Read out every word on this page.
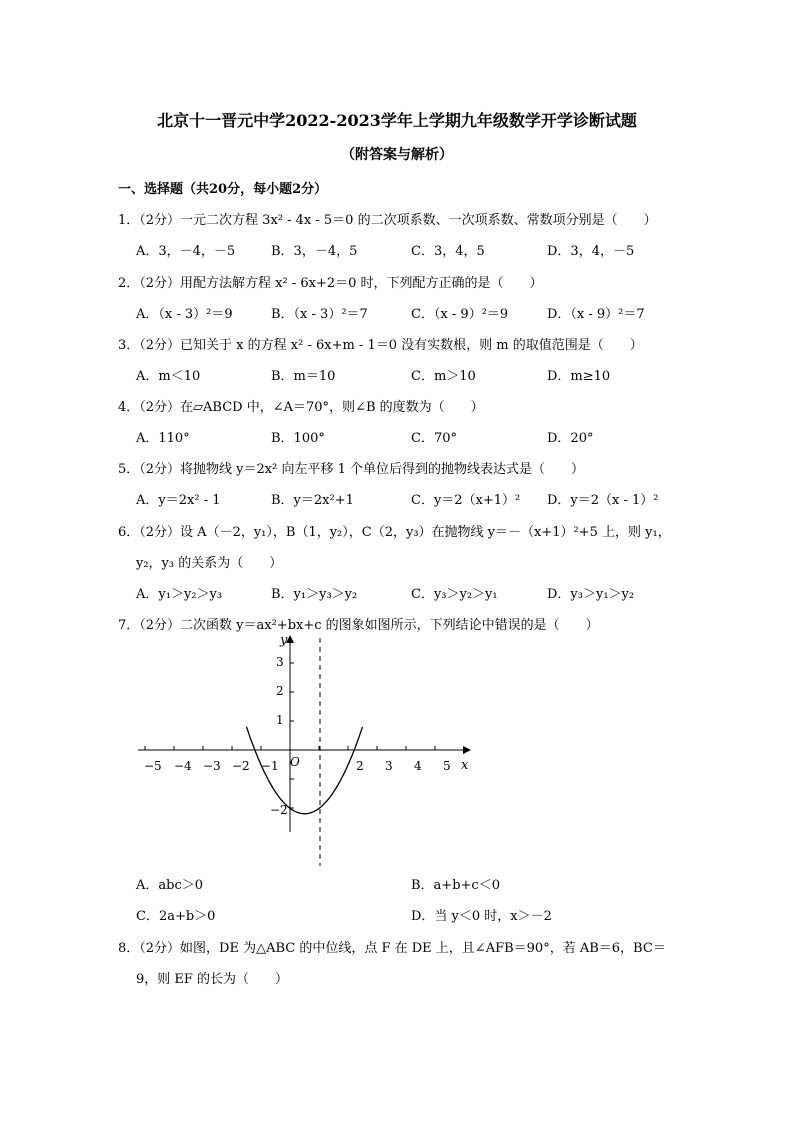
北京十一晋元中学2022-2023学年上学期九年级数学开学诊断试题
（附答案与解析）
一、选择题（共20分，每小题2分）
1．（2分）一元二次方程 3x² - 4x - 5＝0 的二次项系数、一次项系数、常数项分别是（　　）
A．3，－4，－5	B．3，－4，5	C．3，4，5	D．3，4，－5
2．（2分）用配方法解方程 x² - 6x+2＝0 时，下列配方正确的是（　　）
A．（x - 3）²＝9	B．（x - 3）²＝7	C．（x - 9）²＝9	D．（x - 9）²＝7
3．（2分）已知关于 x 的方程 x² - 6x+m - 1＝0 没有实数根，则 m 的取值范围是（　　）
A．m＜10	B．m＝10	C．m＞10	D．m≥10
4．（2分）在▱ABCD 中，∠A＝70°，则∠B 的度数为（　　）
A．110°	B．100°	C．70°	D．20°
5．（2分）将抛物线 y＝2x² 向左平移 1 个单位后得到的抛物线表达式是（　　）
A．y＝2x² - 1	B．y＝2x²+1	C．y＝2（x+1）² D．y＝2（x - 1）²
6．（2分）设 A（－2，y₁），B（1，y₂），C（2，y₃）在抛物线 y＝－（x+1）²+5 上，则 y₁，
y₂，y₃ 的关系为（　　）
A．y₁＞y₂＞y₃	B．y₁＞y₃＞y₂	C．y₃＞y₂＞y₁	D．y₃＞y₁＞y₂
7．（2分）二次函数 y＝ax²+bx+c 的图象如图所示，下列结论中错误的是（　　）
−5 −4 −3 −2 −1	2 3 4 5
3
2
1
−2
O	x
y
A．abc＞0	B．a+b+c＜0
C．2a+b＞0	D．当 y＜0 时，x＞－2
8．（2分）如图，DE 为△ABC 的中位线，点 F 在 DE 上，且∠AFB＝90°，若 AB＝6，BC＝
9，则 EF 的长为（　　）
